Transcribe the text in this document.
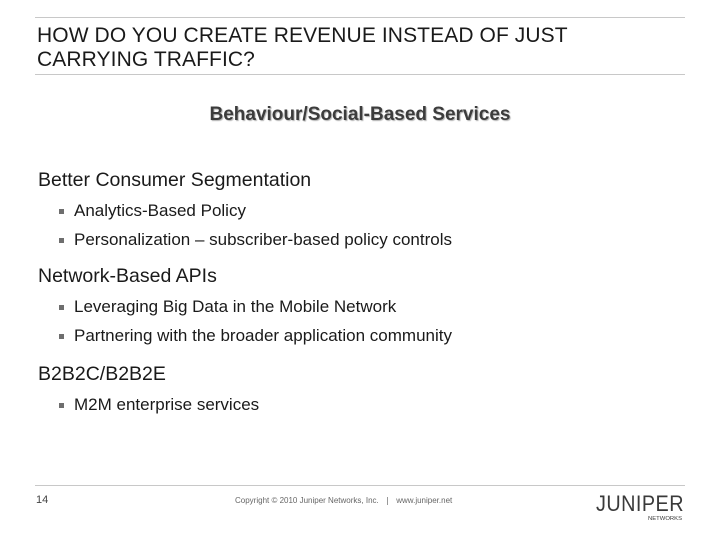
HOW DO YOU CREATE REVENUE INSTEAD OF JUST
CARRYING TRAFFIC?
Behaviour/Social-Based Services
Better Consumer Segmentation
Analytics-Based Policy
Personalization – subscriber-based policy controls
Network-Based APIs
Leveraging Big Data in the Mobile Network
Partnering with the broader application community
B2B2C/B2B2E
M2M enterprise services
14	Copyright © 2010 Juniper Networks, Inc. www.juniper.net	JUNIPER
NETWORKS
